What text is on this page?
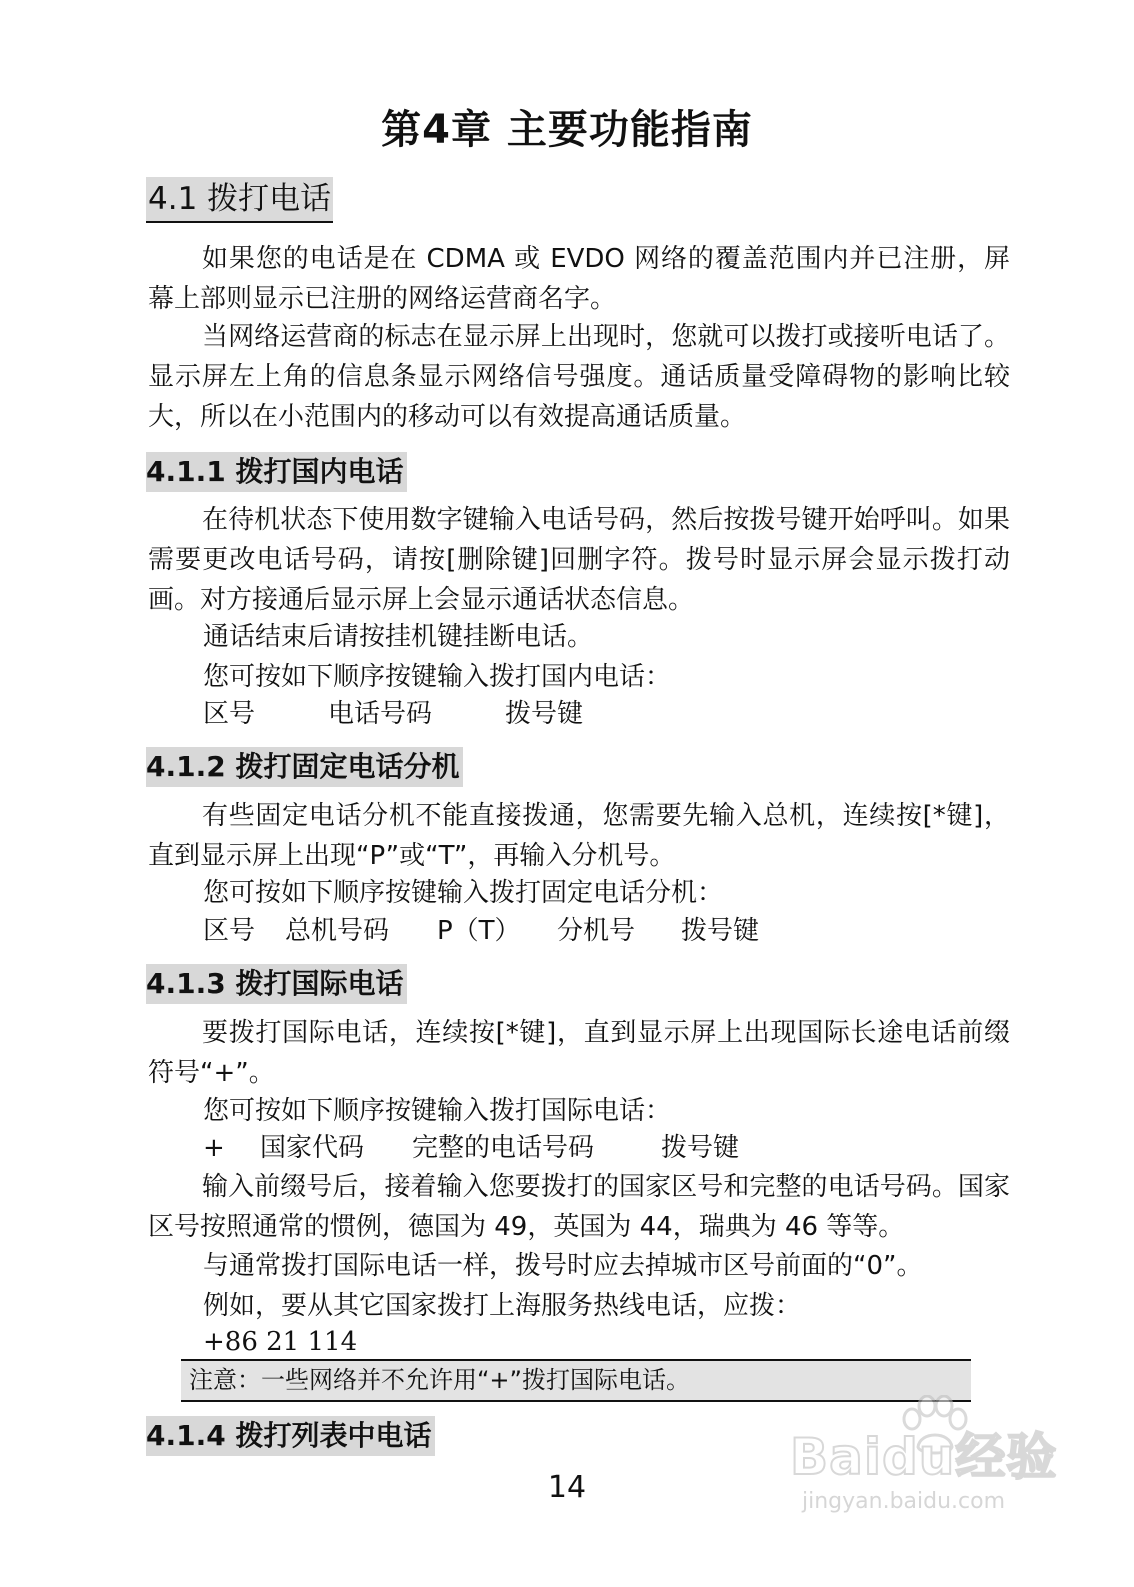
第4章 主要功能指南
4.1 拨打电话
如果您的电话是在 CDMA 或 EVDO 网络的覆盖范围内并已注册，屏幕上部则显示已注册的网络运营商名字。
当网络运营商的标志在显示屏上出现时，您就可以拨打或接听电话了。显示屏左上角的信息条显示网络信号强度。通话质量受障碍物的影响比较大，所以在小范围内的移动可以有效提高通话质量。
4.1.1 拨打国内电话
在待机状态下使用数字键输入电话号码，然后按拨号键开始呼叫。如果需要更改电话号码，请按[删除键]回删字符。拨号时显示屏会显示拨打动画。对方接通后显示屏上会显示通话状态信息。
通话结束后请按挂机键挂断电话。
您可按如下顺序按键输入拨打国内电话：
区号	电话号码	拨号键
4.1.2 拨打固定电话分机
有些固定电话分机不能直接拨通，您需要先输入总机，连续按[*键]，直到显示屏上出现“P”或“T”，再输入分机号。
您可按如下顺序按键输入拨打固定电话分机：
区号 总机号码 P（T） 分机号 拨号键
4.1.3 拨打国际电话
要拨打国际电话，连续按[*键]，直到显示屏上出现国际长途电话前缀符号“+”。
您可按如下顺序按键输入拨打国际电话：
+ 国家代码 完整的电话号码	拨号键
输入前缀号后，接着输入您要拨打的国家区号和完整的电话号码。国家区号按照通常的惯例，德国为 49，英国为 44，瑞典为 46 等等。
与通常拨打国际电话一样，拨号时应去掉城市区号前面的“0”。
例如，要从其它国家拨打上海服务热线电话，应拨：
+86 21 114
注意：一些网络并不允许用“+”拨打国际电话。
4.1.4 拨打列表中电话
14
Baidu经验
jingyan.baidu.com
